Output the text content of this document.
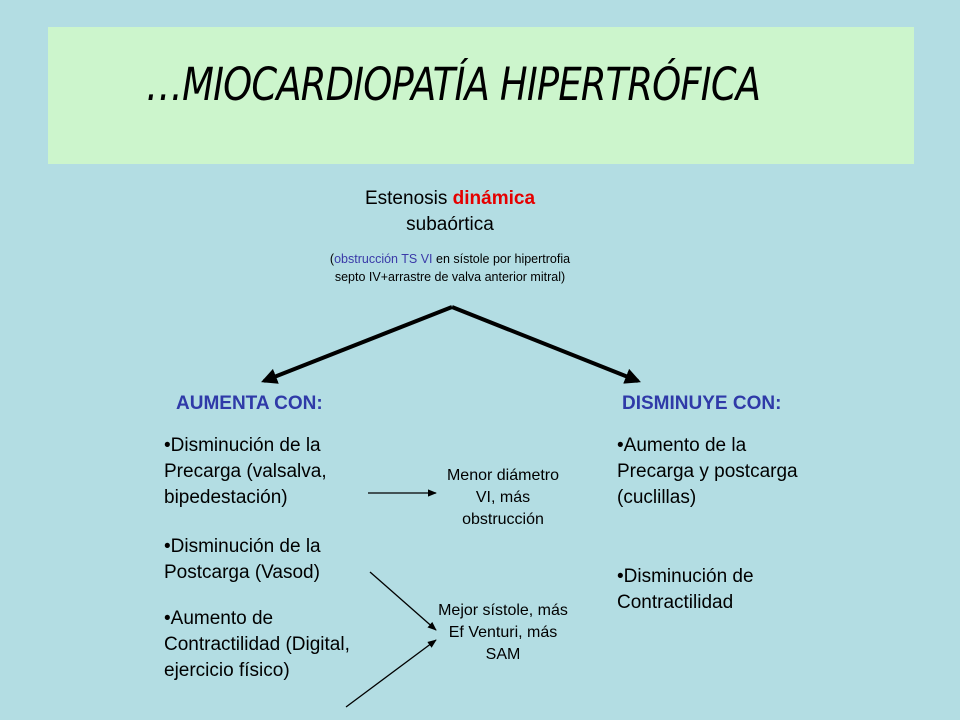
…MIOCARDIOPATÍA HIPERTRÓFICA
Estenosis dinámica
subaórtica
(obstrucción TS VI en sístole por hipertrofia
septo IV+arrastre de valva anterior mitral)
AUMENTA CON:	DISMINUYE CON:
•Disminución de la Precarga (valsalva, bipedestación)
•Disminución de la Postcarga (Vasod)
•Aumento de Contractilidad (Digital, ejercicio físico)
•Aumento de la Precarga y postcarga (cuclillas)
•Disminución de Contractilidad
Menor diámetro VI, más obstrucción
Mejor sístole, más Ef Venturi, más SAM
